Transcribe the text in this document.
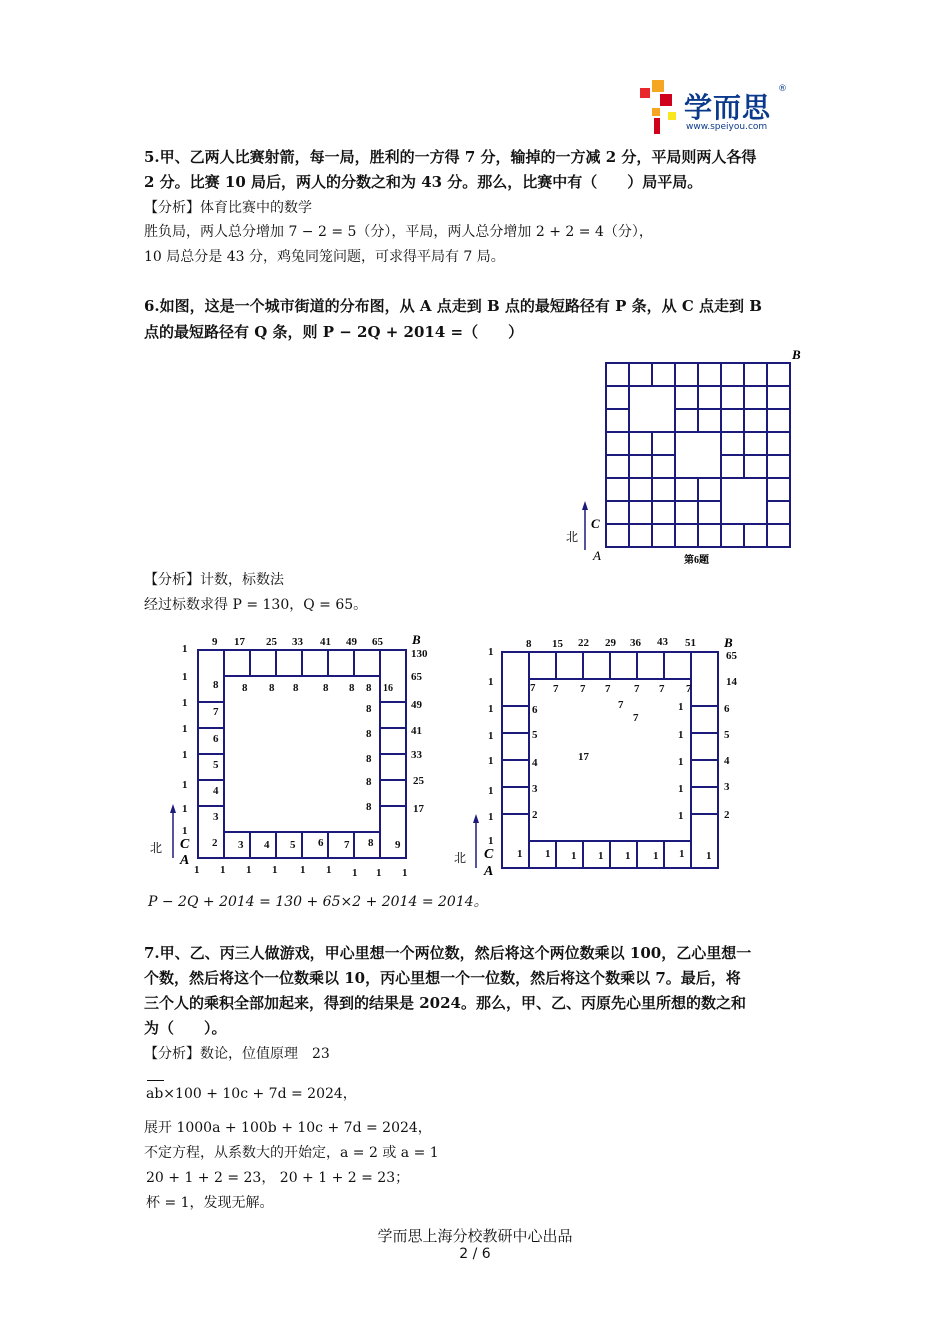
学而思
®
www.speiyou.com
5.甲、乙两人比赛射箭，每一局，胜利的一方得 7 分，输掉的一方减 2 分，平局则两人各得
2 分。比赛 10 局后，两人的分数之和为 43 分。那么，比赛中有（　　）局平局。
【分析】体育比赛中的数学
胜负局，两人总分增加 7 − 2 = 5（分），平局，两人总分增加 2 + 2 = 4（分），
10 局总分是 43 分，鸡兔同笼问题，可求得平局有 7 局。
6.如图，这是一个城市街道的分布图，从 A 点走到 B 点的最短路径有 P 条，从 C 点走到 B
点的最短路径有 Q 条，则 P − 2Q + 2014 =（　　）
B
C
A
北
第6题
【分析】计数，标数法
经过标数求得 P = 130，Q = 65。
9 17 25 33 41 49 65
130
65
49
41
33
25
17
1
1
1
1
1
1
1
1
1 1 1 1 1 1 1 1 1
8 8 8 8 8 8 16
8
8
8
8
8
8
7
6
5
4
3
2 3 4 5 6 7 8 9
B
C
A
北
8 15 22 29 36 43 51
65
14
6
5
4
3
2
1
1
1
1
1
1
1
1
7 7 7 7 7 7 7
8
6
5
4
3
2
1
1
1
1
1
7
7
17
1 1 1 1 1 1 1 1
B
C
A
北
P − 2Q + 2014 = 130 + 65×2 + 2014 = 2014。
7.甲、乙、丙三人做游戏，甲心里想一个两位数，然后将这个两位数乘以 100，乙心里想一
个数，然后将这个一位数乘以 10，丙心里想一个一位数，然后将这个数乘以 7。最后，将
三个人的乘积全部加起来，得到的结果是 2024。那么，甲、乙、丙原先心里所想的数之和
为（　　）。
【分析】数论，位值原理　23
ab×100 + 10c + 7d = 2024，
展开 1000a + 100b + 10c + 7d = 2024，
不定方程，从系数大的开始定，a = 2 或 a = 1
20 + 1 + 2 = 23， 20 + 1 + 2 = 23；
杯 = 1，发现无解。
学而思上海分校教研中心出品
2 / 6
